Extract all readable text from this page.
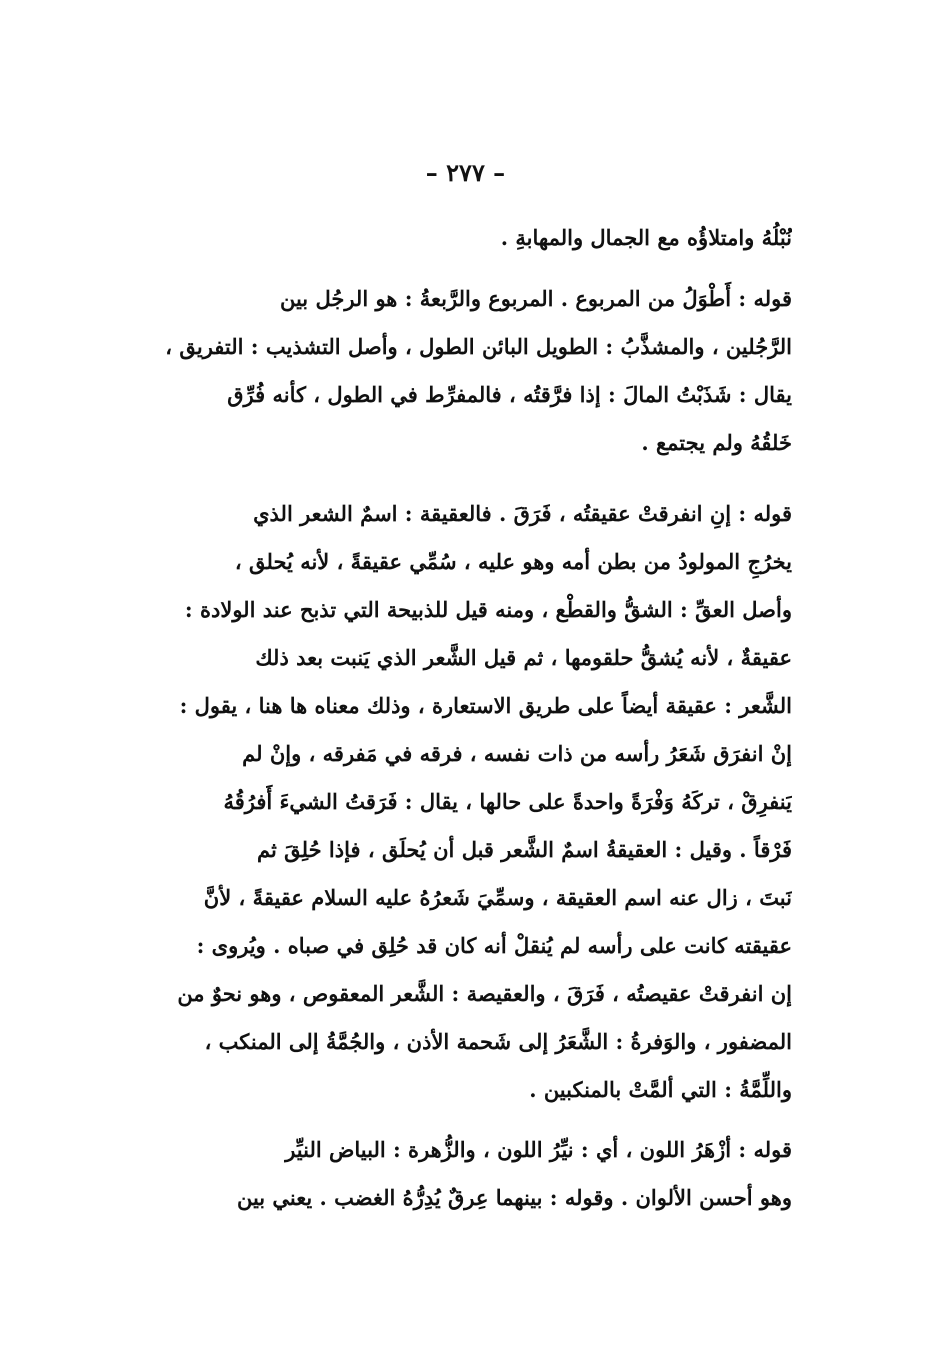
– ٢٧٧ –
نُبْلُهُ وامتلاؤُه مع الجمال والمهابةِ .
قوله : أَطْوَلُ من المربوع . المربوع والرَّبعةُ : هو الرجُل بين
الرَّجُلين ، والمشذَّبُ : الطويل البائن الطول ، وأصل التشذيب : التفريق ،
يقال : شَذَبْتُ المالَ : إذا فرَّقتُه ، فالمفرِّط في الطول ، كأنه فُرِّق
خَلقُهُ ولم يجتمع .
قوله : إنِ انفرقتْ عقيقتُه ، فَرَقَ . فالعقيقة : اسمٌ الشعر الذي
يخرُجِ المولودُ من بطن أمه وهو عليه ، سُمِّي عقيقةً ، لأنه يُحلق ،
وأصل العقِّ : الشقُّ والقطْع ، ومنه قيل للذبيحة التي تذبح عند الولادة :
عقيقةٌ ، لأنه يُشقُّ حلقومها ، ثم قيل الشَّعر الذي يَنبت بعد ذلك
الشَّعر : عقيقة أيضاً على طريق الاستعارة ، وذلك معناه ها هنا ، يقول :
إنْ انفرَق شَعَرُ رأسه من ذات نفسه ، فرقه في مَفرقه ، وإنْ لم
يَنفرِقْ ، تركَهُ وَفْرَةً واحدةً على حالها ، يقال : فَرَقتُ الشيءَ أَفرُقُهُ
فَرْقاً . وقيل : العقيقةُ اسمٌ الشَّعر قبل أن يُحلَق ، فإذا حُلِقَ ثم
نَبتَ ، زال عنه اسم العقيقة ، وسمِّيَ شَعرُهُ عليه السلام عقيقةً ، لأنَّ
عقيقته كانت على رأسه لم يُنقلْ أنه كان قد حُلِق في صباه . ويُروى :
إن انفرقتْ عقيصتُه ، فَرَقَ ، والعقيصة : الشَّعر المعقوص ، وهو نحوٌ من
المضفور ، والوَفرةُ : الشَّعَرُ إلى شَحمة الأذن ، والجُمَّةُ إلى المنكب ،
واللِّمَّةُ : التي ألمَّتْ بالمنكبين .
قوله : أزْهَرُ اللون ، أي : نيِّرُ اللون ، والزُّهرة : البياض النيِّر
وهو أحسن الألوان . وقوله : بينهما عِرقٌ يُدِرُّهُ الغضب . يعني بين
